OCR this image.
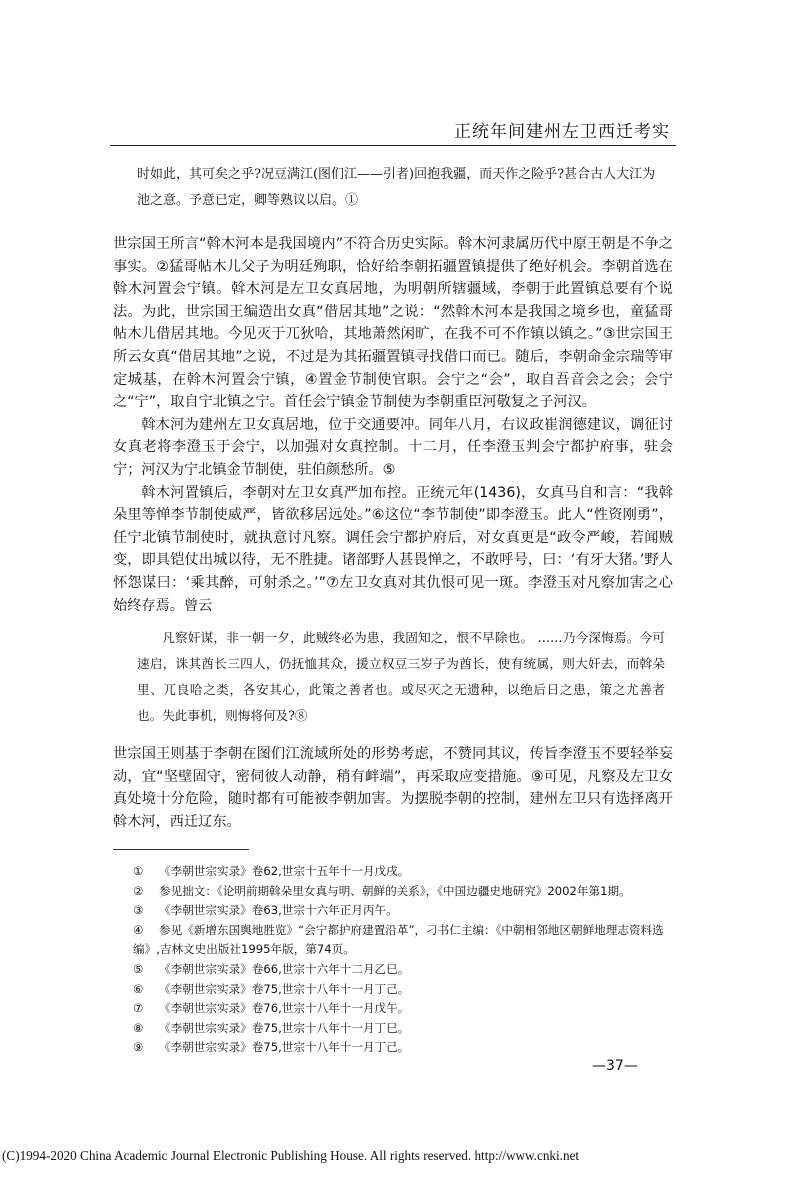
正统年间建州左卫西迁考实
时如此，其可矣之乎?况豆满江(图们江——引者)回抱我疆，而天作之险乎?甚合古人大江为池之意。予意已定，卿等熟议以启。①

世宗国王所言“斡木河本是我国境内”不符合历史实际。斡木河隶属历代中原王朝是不争之事实。②猛哥帖木儿父子为明廷殉职，恰好给李朝拓疆置镇提供了绝好机会。李朝首选在斡木河置会宁镇。斡木河是左卫女真居地，为明朝所辖疆域，李朝于此置镇总要有个说法。为此，世宗国王编造出女真“借居其地”之说：“然斡木河本是我国之境乡也，童猛哥帖木儿借居其地。今见灭于兀狄哈，其地萧然闲旷，在我不可不作镇以镇之。”③世宗国王所云女真“借居其地”之说，不过是为其拓疆置镇寻找借口而已。随后，李朝命金宗瑞等审定城基，在斡木河置会宁镇，④置金节制使官职。会宁之“会”，取自吾音会之会；会宁之“宁”，取自宁北镇之宁。首任会宁镇金节制使为李朝重臣河敬复之子河汉。

斡木河为建州左卫女真居地，位于交通要冲。同年八月，右议政崔润德建议，调征讨女真老将李澄玉于会宁，以加强对女真控制。十二月，任李澄玉判会宁都护府事，驻会宁；河汉为宁北镇金节制使，驻伯颜愁所。⑤

斡木河置镇后，李朝对左卫女真严加布控。正统元年(1436)，女真马自和言：“我斡朵里等惮李节制使威严，皆欲移居远处。”⑥这位“李节制使”即李澄玉。此人“性资刚勇”，任宁北镇节制使时，就执意讨凡察。调任会宁都护府后，对女真更是“政令严峻，若闻贼变，即具铠仗出城以待，无不胜捷。诸部野人甚畏惮之，不敢呼号，曰：‘有牙大猪。’野人怀怨谋曰：‘乘其醉，可射杀之。’”⑦左卫女真对其仇恨可见一斑。李澄玉对凡察加害之心始终存焉。曾云

凡察奸谋，非一朝一夕，此贼终必为患，我固知之，恨不早除也。 ……乃今深悔焉。今可速启，诛其酋长三四人，仍抚恤其众，援立权豆三岁子为酋长，使有统属，则大奸去，而斡朵里、兀良哈之类，各安其心，此策之善者也。或尽灭之无遗种，以绝后日之患，策之尤善者也。失此事机，则悔将何及?⑧

世宗国王则基于李朝在图们江流域所处的形势考虑，不赞同其议，传旨李澄玉不要轻举妄动，宜“坚壁固守，密伺彼人动静，稍有衅端”，再采取应变措施。⑨可见，凡察及左卫女真处境十分危险，随时都有可能被李朝加害。为摆脱李朝的控制，建州左卫只有选择离开斡木河，西迁辽东。

① 《李朝世宗实录》卷62,世宗十五年十一月戊戌。

② 参见拙文：《论明前期斡朵里女真与明、朝鲜的关系》，《中国边疆史地研究》2002年第1期。

③ 《李朝世宗实录》卷63,世宗十六年正月丙午。

④ 参见《新增东国舆地胜览》“会宁都护府建置沿革”，刁书仁主编：《中朝相邻地区朝鲜地理志资料选编》,吉林文史出版社1995年版，第74页。

⑤ 《李朝世宗实录》卷66,世宗十六年十二月乙巳。

⑥ 《李朝世宗实录》卷75,世宗十八年十一月丁己。

⑦ 《李朝世宗实录》卷76,世宗十八年十一月戊午。

⑧ 《李朝世宗实录》卷75,世宗十八年十一月丁巳。

⑨ 《李朝世宗实录》卷75,世宗十八年十一月丁己。

—37—
(C)1994-2020 China Academic Journal Electronic Publishing House. All rights reserved. http://www.cnki.net
